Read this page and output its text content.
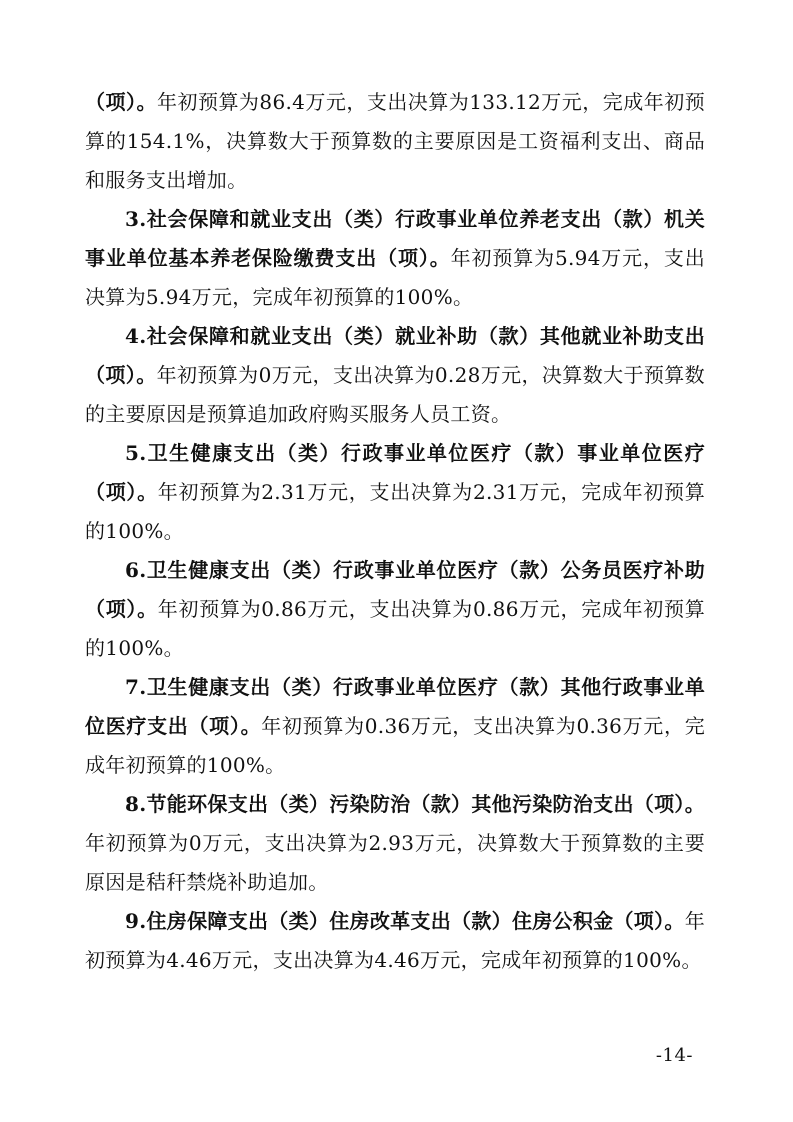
（项）。年初预算为86.4万元，支出决算为133.12万元，完成年初预算的154.1%，决算数大于预算数的主要原因是工资福利支出、商品和服务支出增加。

3.社会保障和就业支出（类）行政事业单位养老支出（款）机关事业单位基本养老保险缴费支出（项）。年初预算为5.94万元，支出决算为5.94万元，完成年初预算的100%。

4.社会保障和就业支出（类）就业补助（款）其他就业补助支出（项）。年初预算为0万元，支出决算为0.28万元，决算数大于预算数的主要原因是预算追加政府购买服务人员工资。

5.卫生健康支出（类）行政事业单位医疗（款）事业单位医疗（项）。年初预算为2.31万元，支出决算为2.31万元，完成年初预算的100%。

6.卫生健康支出（类）行政事业单位医疗（款）公务员医疗补助（项）。年初预算为0.86万元，支出决算为0.86万元，完成年初预算的100%。

7.卫生健康支出（类）行政事业单位医疗（款）其他行政事业单位医疗支出（项）。年初预算为0.36万元，支出决算为0.36万元，完成年初预算的100%。

8.节能环保支出（类）污染防治（款）其他污染防治支出（项）。年初预算为0万元，支出决算为2.93万元，决算数大于预算数的主要原因是秸秆禁烧补助追加。

9.住房保障支出（类）住房改革支出（款）住房公积金（项）。年初预算为4.46万元，支出决算为4.46万元，完成年初预算的100%。

-14-
